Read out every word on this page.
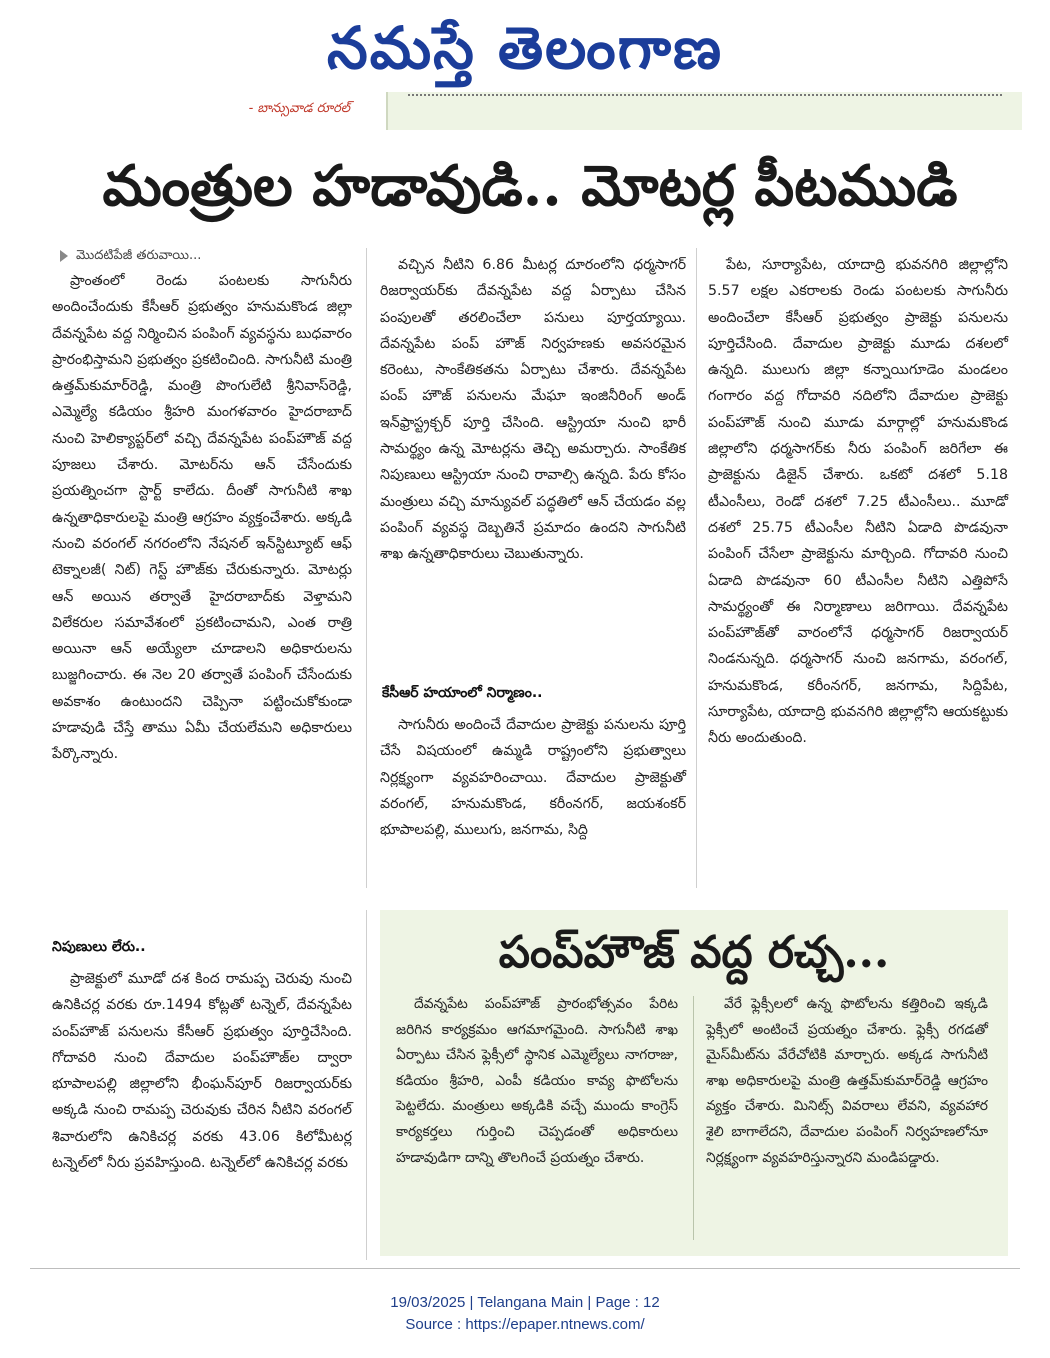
నమస్తే తెలంగాణ
- బాన్సువాడ రూరల్
మంత్రుల హడావుడి.. మోటర్ల పీటముడి
మొదటిపేజీ తరువాయి...

ప్రాంతంలో రెండు పంటలకు సాగునీరు అందించేందుకు కేసీఆర్ ప్రభుత్వం హనుమకొండ జిల్లా దేవన్నపేట వద్ద నిర్మించిన పంపింగ్ వ్యవస్థను బుధవారం ప్రారంభిస్తామని ప్రభుత్వం ప్రకటించింది. సాగునీటి మంత్రి ఉత్తమ్‌కుమార్‌రెడ్డి, మంత్రి పొంగులేటి శ్రీనివాస్‌రెడ్డి, ఎమ్మెల్యే కడియం శ్రీహరి మంగళవారం హైదరాబాద్ నుంచి హెలిక్యాప్టర్‌లో వచ్చి దేవన్నపేట పంప్‌హౌజ్ వద్ద పూజలు చేశారు. మోటర్‌ను ఆన్ చేసేందుకు ప్రయత్నించగా స్టార్ట్ కాలేదు. దీంతో సాగునీటి శాఖ ఉన్నతాధికారులపై మంత్రి ఆగ్రహం వ్యక్తంచేశారు. అక్కడి నుంచి వరంగల్ నగరంలోని నేషనల్ ఇన్‌స్టిట్యూట్ ఆఫ్ టెక్నాలజీ( నిట్) గెస్ట్ హౌజ్‌కు చేరుకున్నారు. మోటర్లు ఆన్ అయిన తర్వాతే హైదరాబాద్‌కు వెళ్తామని విలేకరుల సమావేశంలో ప్రకటించామని, ఎంత రాత్రి అయినా ఆన్ అయ్యేలా చూడాలని అధికారులను బుజ్జగించారు. ఈ నెల 20 తర్వాతే పంపింగ్ చేసేందుకు అవకాశం ఉంటుందని చెప్పినా పట్టించుకోకుండా హడావుడి చేస్తే తాము ఏమీ చేయలేమని అధికారులు పేర్కొన్నారు.

నిపుణులు లేరు..

ప్రాజెక్టులో మూడో దశ కింద రామప్ప చెరువు నుంచి ఉనికిచర్ల వరకు రూ.1494 కోట్లతో టన్నెల్, దేవన్నపేట పంప్‌హౌజ్ పనులను కేసీఆర్ ప్రభుత్వం పూర్తిచేసింది. గోదావరి నుంచి దేవాదుల పంప్‌హౌజ్‌ల ద్వారా భూపాలపల్లి జిల్లాలోని భీంఘన్‌పూర్ రిజర్వాయర్‌కు అక్కడి నుంచి రామప్ప చెరువుకు చేరిన నీటిని వరంగల్ శివారులోని ఉనికిచర్ల వరకు 43.06 కిలోమీటర్ల టన్నెల్‌లో నీరు ప్రవహిస్తుంది. టన్నెల్‌లో ఉనికిచర్ల వరకు

వచ్చిన నీటిని 6.86 మీటర్ల దూరంలోని ధర్మసాగర్ రిజర్వాయర్‌కు దేవన్నపేట వద్ద ఏర్పాటు చేసిన పంపులతో తరలించేలా పనులు పూర్తయ్యాయి. దేవన్నపేట పంప్ హౌజ్ నిర్వహణకు అవసరమైన కరెంటు, సాంకేతికతను ఏర్పాటు చేశారు. దేవన్నపేట పంప్ హౌజ్ పనులను మేఘా ఇంజినీరింగ్ అండ్ ఇన్‌ఫ్రాస్ట్రక్చర్ పూర్తి చేసింది. ఆస్ట్రియా నుంచి భారీ సామర్థ్యం ఉన్న మోటర్లను తెచ్చి అమర్చారు. సాంకేతిక నిపుణులు ఆస్ట్రియా నుంచి రావాల్సి ఉన్నది. పేరు కోసం మంత్రులు వచ్చి మాన్యువల్ పద్ధతిలో ఆన్ చేయడం వల్ల పంపింగ్ వ్యవస్థ దెబ్బతినే ప్రమాదం ఉందని సాగునీటి శాఖ ఉన్నతాధికారులు చెబుతున్నారు.

కేసీఆర్ హయాంలో నిర్మాణం..

సాగునీరు అందించే దేవాదుల ప్రాజెక్టు పనులను పూర్తి చేసే విషయంలో ఉమ్మడి రాష్ట్రంలోని ప్రభుత్వాలు నిర్లక్ష్యంగా వ్యవహరించాయి. దేవాదుల ప్రాజెక్టుతో వరంగల్, హనుమకొండ, కరీంనగర్, జయశంకర్ భూపాలపల్లి, ములుగు, జనగామ, సిద్ది

పేట, సూర్యాపేట, యాదాద్రి భువనగిరి జిల్లాల్లోని 5.57 లక్షల ఎకరాలకు రెండు పంటలకు సాగునీరు అందించేలా కేసీఆర్ ప్రభుత్వం ప్రాజెక్టు పనులను పూర్తిచేసింది. దేవాదుల ప్రాజెక్టు మూడు దశలలో ఉన్నది. ములుగు జిల్లా కన్నాయిగూడెం మండలం గంగారం వద్ద గోదావరి నదిలోని దేవాదుల ప్రాజెక్టు పంప్‌హౌజ్ నుంచి మూడు మార్గాల్లో హనుమకొండ జిల్లాలోని ధర్మసాగర్‌కు నీరు పంపింగ్ జరిగేలా ఈ ప్రాజెక్టును డిజైన్ చేశారు. ఒకటో దశలో 5.18 టీఎంసీలు, రెండో దశలో 7.25 టీఎంసీలు.. మూడో దశలో 25.75 టీఎంసీల నీటిని ఏడాది పొడవునా పంపింగ్ చేసేలా ప్రాజెక్టును మార్చింది. గోదావరి నుంచి ఏడాది పొడవునా 60 టీఎంసీల నీటిని ఎత్తిపోసే సామర్థ్యంతో ఈ నిర్మాణాలు జరిగాయి. దేవన్నపేట పంప్‌హౌజ్‌తో వారంలోనే ధర్మసాగర్ రిజర్వాయర్ నిండనున్నది. ధర్మసాగర్ నుంచి జనగామ, వరంగల్, హనుమకొండ, కరీంనగర్, జనగామ, సిద్దిపేట, సూర్యాపేట, యాదాద్రి భువనగిరి జిల్లాల్లోని ఆయకట్టుకు నీరు అందుతుంది.

పంప్‌హౌజ్ వద్ద రచ్చ...

దేవన్నపేట పంప్‌హౌజ్ ప్రారంభోత్సవం పేరిట జరిగిన కార్యక్రమం ఆగమాగమైంది. సాగునీటి శాఖ ఏర్పాటు చేసిన ఫ్లెక్సీలో స్థానిక ఎమ్మెల్యేలు నాగరాజు, కడియం శ్రీహరి, ఎంపీ కడియం కావ్య ఫొటోలను పెట్టలేదు. మంత్రులు అక్కడికి వచ్చే ముందు కాంగ్రెస్ కార్యకర్తలు గుర్తించి చెప్పడంతో అధికారులు హడావుడిగా దాన్ని తొలగించే ప్రయత్నం చేశారు.

వేరే ఫ్లెక్సీలలో ఉన్న ఫొటోలను కత్తిరించి ఇక్కడి ఫ్లెక్సీలో అంటించే ప్రయత్నం చేశారు. ఫ్లెక్సీ రగడతో మైస్‌మీట్‌ను వేరేచోటికి మార్చారు. అక్కడ సాగునీటి శాఖ అధికారులపై మంత్రి ఉత్తమ్‌కుమార్‌రెడ్డి ఆగ్రహం వ్యక్తం చేశారు. మినిట్స్ వివరాలు లేవని, వ్యవహార శైలి బాగాలేదని, దేవాదుల పంపింగ్ నిర్వహణలోనూ నిర్లక్ష్యంగా వ్యవహరిస్తున్నారని మండిపడ్డారు.

19/03/2025 | Telangana Main | Page : 12
Source : https://epaper.ntnews.com/
